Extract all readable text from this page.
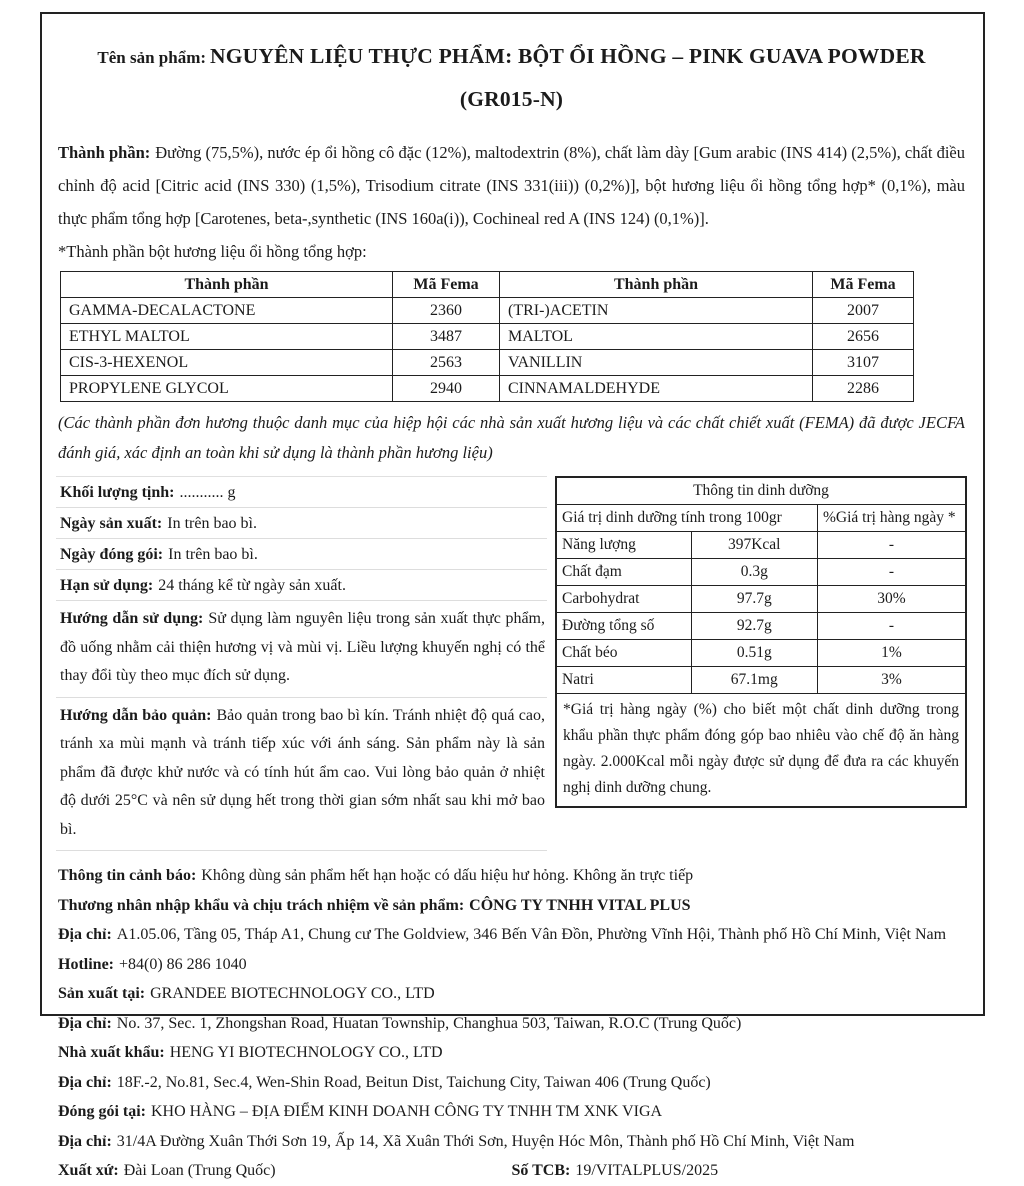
Tên sản phẩm: NGUYÊN LIỆU THỰC PHẨM: BỘT ỔI HỒNG – PINK GUAVA POWDER (GR015-N)

Thành phần: Đường (75,5%), nước ép ổi hồng cô đặc (12%), maltodextrin (8%), chất làm dày [Gum arabic (INS 414) (2,5%), chất điều chỉnh độ acid [Citric acid (INS 330) (1,5%), Trisodium citrate (INS 331(iii)) (0,2%)], bột hương liệu ổi hồng tổng hợp* (0,1%), màu thực phẩm tổng hợp [Carotenes, beta-,synthetic (INS 160a(i)), Cochineal red A (INS 124) (0,1%)].

*Thành phần bột hương liệu ổi hồng tổng hợp:
Thành phần	Mã Fema	Thành phần	Mã Fema
GAMMA-DECALACTONE	2360	(TRI-)ACETIN	2007
ETHYL MALTOL	3487	MALTOL	2656
CIS-3-HEXENOL	2563	VANILLIN	3107
PROPYLENE GLYCOL	2940	CINNAMALDEHYDE	2286
(Các thành phần đơn hương thuộc danh mục của hiệp hội các nhà sản xuất hương liệu và các chất chiết xuất (FEMA) đã được JECFA đánh giá, xác định an toàn khi sử dụng là thành phần hương liệu)
Khối lượng tịnh: ........... g
Ngày sản xuất: In trên bao bì.
Ngày đóng gói: In trên bao bì.
Hạn sử dụng: 24 tháng kể từ ngày sản xuất.
Hướng dẫn sử dụng: Sử dụng làm nguyên liệu trong sản xuất thực phẩm, đồ uống nhằm cải thiện hương vị và mùi vị. Liều lượng khuyến nghị có thể thay đổi tùy theo mục đích sử dụng.
Hướng dẫn bảo quản: Bảo quản trong bao bì kín. Tránh nhiệt độ quá cao, tránh xa mùi mạnh và tránh tiếp xúc với ánh sáng. Sản phẩm này là sản phẩm đã được khử nước và có tính hút ẩm cao. Vui lòng bảo quản ở nhiệt độ dưới 25°C và nên sử dụng hết trong thời gian sớm nhất sau khi mở bao bì.
Thông tin dinh dưỡng		
Giá trị dinh dưỡng tính trong 100gr		%Giá trị hàng ngày *
Năng lượng	397Kcal	-
Chất đạm	0.3g	-
Carbohydrat	97.7g	30%
Đường tổng số	92.7g	-
Chất béo	0.51g	1%
Natri	67.1mg	3%
*Giá trị hàng ngày (%) cho biết một chất dinh dưỡng trong khẩu phần thực phẩm đóng góp bao nhiêu vào chế độ ăn hàng ngày. 2.000Kcal mỗi ngày được sử dụng để đưa ra các khuyến nghị dinh dưỡng chung.		
Thông tin cảnh báo: Không dùng sản phẩm hết hạn hoặc có dấu hiệu hư hỏng. Không ăn trực tiếp
Thương nhân nhập khẩu và chịu trách nhiệm về sản phẩm: CÔNG TY TNHH VITAL PLUS
Địa chỉ: A1.05.06, Tầng 05, Tháp A1, Chung cư The Goldview, 346 Bến Vân Đồn, Phường Vĩnh Hội, Thành phố Hồ Chí Minh, Việt Nam
Hotline: +84(0) 86 286 1040
Sản xuất tại: GRANDEE BIOTECHNOLOGY CO., LTD
Địa chỉ: No. 37, Sec. 1, Zhongshan Road, Huatan Township, Changhua 503, Taiwan, R.O.C (Trung Quốc)
Nhà xuất khẩu: HENG YI BIOTECHNOLOGY CO., LTD
Địa chỉ: 18F.-2, No.81, Sec.4, Wen-Shin Road, Beitun Dist, Taichung City, Taiwan 406 (Trung Quốc)
Đóng gói tại: KHO HÀNG – ĐỊA ĐIỂM KINH DOANH CÔNG TY TNHH TM XNK VIGA
Địa chỉ: 31/4A Đường Xuân Thới Sơn 19, Ấp 14, Xã Xuân Thới Sơn, Huyện Hóc Môn, Thành phố Hồ Chí Minh, Việt Nam
Xuất xứ: Đài Loan (Trung Quốc)	Số TCB: 19/VITALPLUS/2025
